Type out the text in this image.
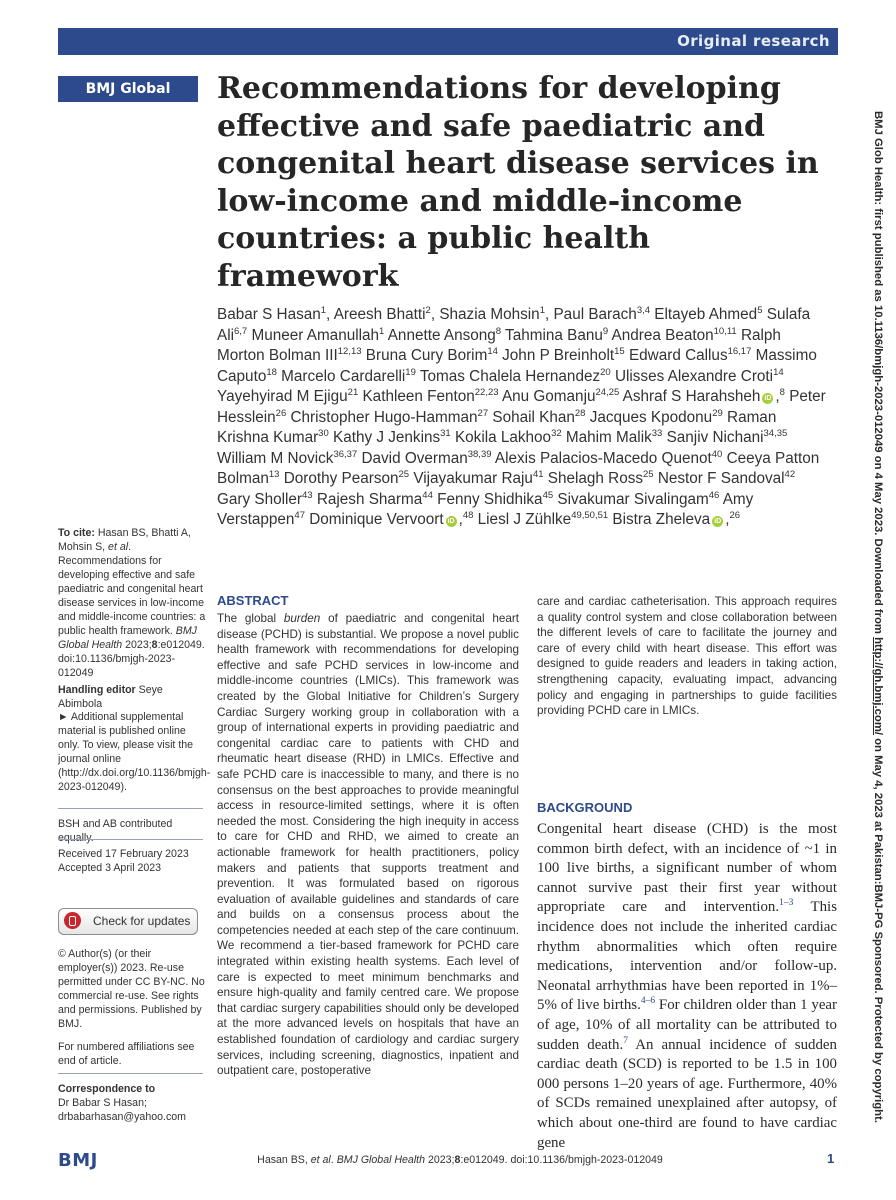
Original research
BMJ Global Health
Recommendations for developing effective and safe paediatric and congenital heart disease services in low-income and middle-income countries: a public health framework
Babar S Hasan$^1$, Areesh Bhatti$^2$, Shazia Mohsin$^1$, Paul Barach$^{3,4}$ Eltayeb Ahmed$^5$ Sulafa Ali$^{6,7}$ Muneer Amanullah$^1$ Annette Ansong$^8$ Tahmina Banu$^9$ Andrea Beaton$^{10,11}$ Ralph Morton Bolman III$^{12,13}$ Bruna Cury Borim$^{14}$ John P Breinholt$^{15}$ Edward Callus$^{16,17}$ Massimo Caputo$^{18}$ Marcelo Cardarelli$^{19}$ Tomas Chalela Hernandez$^{20}$ Ulisses Alexandre Croti$^{14}$ Yayehyirad M Ejigu$^{21}$ Kathleen Fenton$^{22,23}$ Anu Gomanju$^{24,25}$ Ashraf S Harahsheh iD ,$^8$ Peter Hesslein$^{26}$ Christopher Hugo-Hamman$^{27}$ Sohail Khan$^{28}$ Jacques Kpodonu$^{29}$ Raman Krishna Kumar$^{30}$ Kathy J Jenkins$^{31}$ Kokila Lakhoo$^{32}$ Mahim Malik$^{33}$ Sanjiv Nichani$^{34,35}$ William M Novick$^{36,37}$ David Overman$^{38,39}$ Alexis Palacios-Macedo Quenot$^{40}$ Ceeya Patton Bolman$^{13}$ Dorothy Pearson$^{25}$ Vijayakumar Raju$^{41}$ Shelagh Ross$^{25}$ Nestor F Sandoval$^{42}$ Gary Sholler$^{43}$ Rajesh Sharma$^{44}$ Fenny Shidhika$^{45}$ Sivakumar Sivalingam$^{46}$ Amy Verstappen$^{47}$ Dominique Vervoort iD ,$^{48}$ Liesl J Zühlke$^{49,50,51}$ Bistra Zheleva iD ,$^{26}$

To cite: Hasan BS, Bhatti A, Mohsin S, et al. Recommendations for developing effective and safe paediatric and congenital heart disease services in low-income and middle-income countries: a public health framework. BMJ Global Health 2023;8:e012049. doi:10.1136/bmjgh-2023-012049

Handling editor Seye Abimbola

► Additional supplemental material is published online only. To view, please visit the journal online (http://dx.doi.org/10.1136/bmjgh-2023-012049).

BSH and AB contributed equally.

Received 17 February 2023

Accepted 3 April 2023

Check for updates

© Author(s) (or their employer(s)) 2023. Re-use permitted under CC BY-NC. No commercial re-use. See rights and permissions. Published by BMJ.

For numbered affiliations see end of article.

Correspondence to

Dr Babar S Hasan;

drbabarhasan@yahoo.com

ABSTRACT

The global burden of paediatric and congenital heart disease (PCHD) is substantial. We propose a novel public health framework with recommendations for developing effective and safe PCHD services in low-income and middle-income countries (LMICs). This framework was created by the Global Initiative for Children’s Surgery Cardiac Surgery working group in collaboration with a group of international experts in providing paediatric and congenital cardiac care to patients with CHD and rheumatic heart disease (RHD) in LMICs. Effective and safe PCHD care is inaccessible to many, and there is no consensus on the best approaches to provide meaningful access in resource-limited settings, where it is often needed the most. Considering the high inequity in access to care for CHD and RHD, we aimed to create an actionable framework for health practitioners, policy makers and patients that supports treatment and prevention. It was formulated based on rigorous evaluation of available guidelines and standards of care and builds on a consensus process about the competencies needed at each step of the care continuum. We recommend a tier-based framework for PCHD care integrated within existing health systems. Each level of care is expected to meet minimum benchmarks and ensure high-quality and family centred care. We propose that cardiac surgery capabilities should only be developed at the more advanced levels on hospitals that have an established foundation of cardiology and cardiac surgery services, including screening, diagnostics, inpatient and outpatient care, postoperative

care and cardiac catheterisation. This approach requires a quality control system and close collaboration between the different levels of care to facilitate the journey and care of every child with heart disease. This effort was designed to guide readers and leaders in taking action, strengthening capacity, evaluating impact, advancing policy and engaging in partnerships to guide facilities providing PCHD care in LMICs.

BACKGROUND

Congenital heart disease (CHD) is the most common birth defect, with an incidence of ~1 in 100 live births, a significant number of whom cannot survive past their first year without appropriate care and intervention.$^{1-3}$ This incidence does not include the inherited cardiac rhythm abnormalities which often require medications, intervention and/or follow-up. Neonatal arrhythmias have been reported in 1%–5% of live births.$^{4-6}$ For children older than 1 year of age, 10% of all mortality can be attributed to sudden death.$^7$ An annual incidence of sudden cardiac death (SCD) is reported to be 1.5 in 100 000 persons 1–20 years of age. Furthermore, 40% of SCDs remained unexplained after autopsy, of which about one-third are found to have cardiac gene

BMJ Glob Health: first published as 10.1136/bmjgh-2023-012049 on 4 May 2023. Downloaded from http://gh.bmj.com/ on May 4, 2023 at Pakistan:BMJ-PG Sponsored. Protected by copyright.
BMJ	Hasan BS, et al. BMJ Global Health 2023;8:e012049. doi:10.1136/bmjgh-2023-012049	1
